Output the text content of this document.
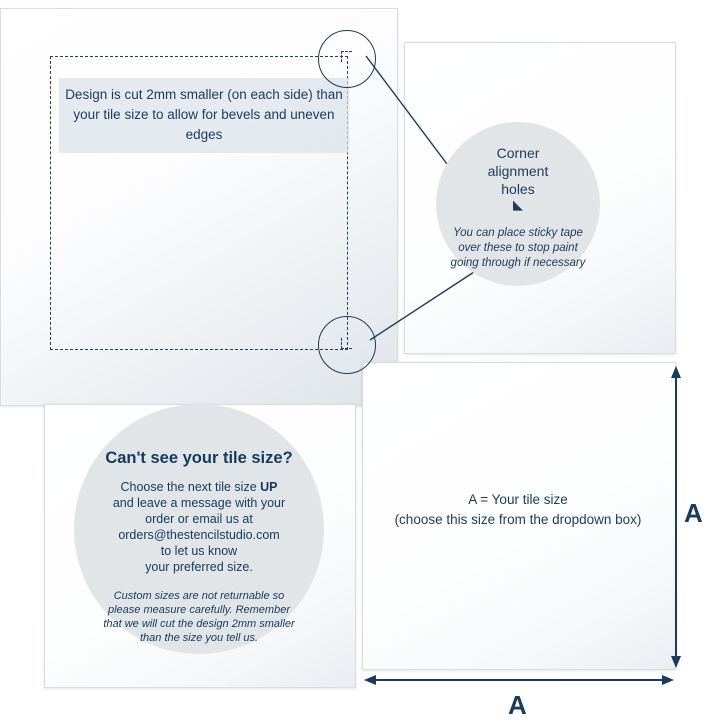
Design is cut 2mm smaller (on each side) than your tile size to allow for bevels and uneven edges
Corner
alignment
holes
◣
You can place sticky tape over these to stop paint going through if necessary
Can't see your tile size?
Choose the next tile size UP
and leave a message with your
order or email us at
orders@thestencilstudio.com
to let us know
your preferred size.
Custom sizes are not returnable so please measure carefully. Remember that we will cut the design 2mm smaller than the size you tell us.
A = Your tile size
(choose this size from the dropdown box)	A
A
